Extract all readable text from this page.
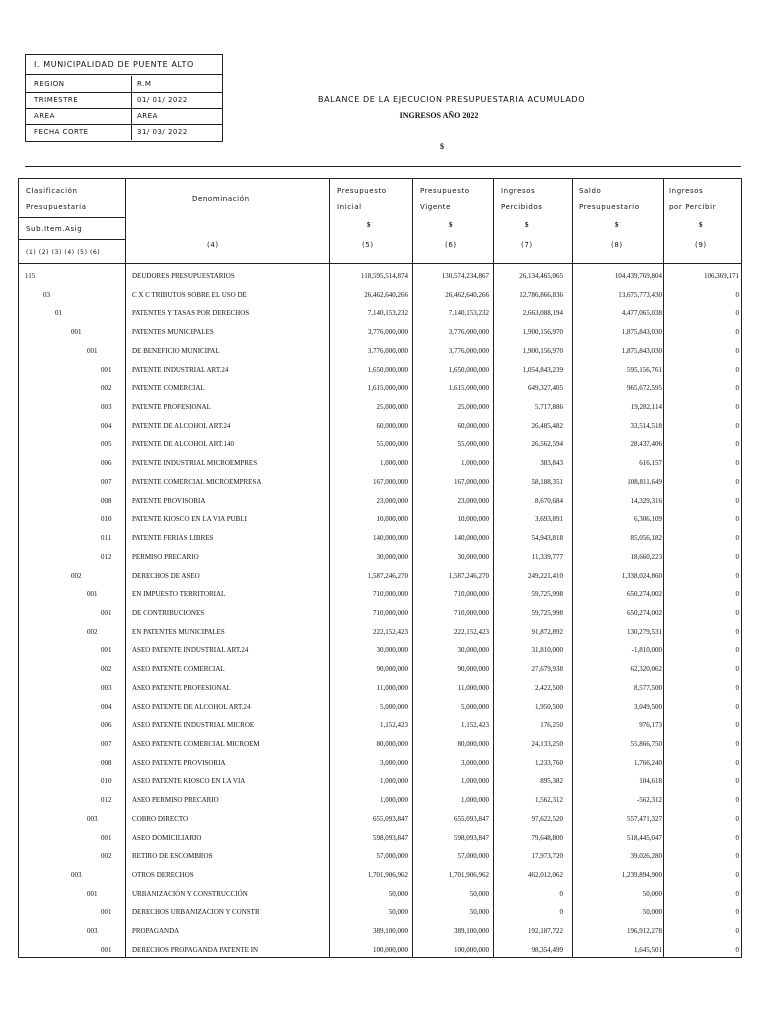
I. MUNICIPALIDAD DE PUENTE ALTO
REGION	R.M
TRIMESTRE	01/ 01/ 2022
AREA	AREA
FECHA CORTE	31/ 03/ 2022
BALANCE DE LA EJECUCION PRESUPUESTARIA ACUMULADO
INGRESOS AÑO 2022
$
Clasificación
Presupuestaria
Sub.Item.Asig
(1) (2) (3) (4) (5) (6)
Denominación
(4)
Presupuesto
Inicial
$
(5)
Presupuesto
Vigente
$
(6)
Ingresos
Percibidos
$
(7)
Saldo
Presupuestario
$
(8)
Ingresos
por Percibir
$
(9)
115	DEUDORES PRESUPUESTARIOS	118,595,514,874	130,574,234,867	26,134,465,065	104,439,769,804	106,369,171
03	C X C TRIBUTOS SOBRE EL USO DE	26,462,640,266	26,462,640,266	12,786,866,836	13,675,773,430	0
01	PATENTES Y TASAS POR DERECHOS	7,140,153,232	7,140,153,232	2,663,088,194	4,477,065,038	0
001	PATENTES MUNICIPALES	3,776,000,000	3,776,000,000	1,900,156,970	1,875,843,030	0
001	DE BENEFICIO MUNICIPAL	3,776,000,000	3,776,000,000	1,900,156,970	1,875,843,030	0
001	PATENTE INDUSTRIAL ART.24	1,650,000,000	1,650,000,000	1,054,843,239	595,156,761	0
002	PATENTE COMERCIAL	1,615,000,000	1,615,000,000	649,327,405	965,672,595	0
003	PATENTE PROFESIONAL	25,000,000	25,000,000	5,717,886	19,282,114	0
004	PATENTE DE ALCOHOL ART.24	60,000,000	60,000,000	26,485,482	33,514,518	0
005	PATENTE DE ALCOHOL ART.140	55,000,000	55,000,000	26,562,594	28,437,406	0
006	PATENTE INDUSTRIAL MICROEMPRES	1,000,000	1,000,000	383,843	616,157	0
007	PATENTE COMERCIAL MICROEMPRESA	167,000,000	167,000,000	58,188,351	108,811,649	0
008	PATENTE PROVISORIA	23,000,000	23,000,000	8,670,684	14,329,316	0
010	PATENTE KIOSCO EN LA VIA PUBLI	10,000,000	10,000,000	3,693,891	6,306,109	0
011	PATENTE FERIAS LIBRES	140,000,000	140,000,000	54,943,818	85,056,182	0
012	PERMISO PRECARIO	30,000,000	30,000,000	11,339,777	18,660,223	0
002	DERECHOS DE ASEO	1,587,246,270	1,587,246,270	249,221,410	1,338,024,860	0
001	EN IMPUESTO TERRITORIAL	710,000,000	710,000,000	59,725,998	650,274,002	0
001	DE CONTRIBUCIONES	710,000,000	710,000,000	59,725,998	650,274,002	0
002	EN PATENTES MUNICIPALES	222,152,423	222,152,423	91,872,892	130,279,531	0
001	ASEO PATENTE INDUSTRIAL ART.24	30,000,000	30,000,000	31,810,000	-1,810,000	0
002	ASEO PATENTE COMERCIAL	90,000,000	90,000,000	27,679,938	62,320,062	0
003	ASEO PATENTE PROFESIONAL	11,000,000	11,000,000	2,422,500	8,577,500	0
004	ASEO PATENTE DE ALCOHOL ART.24	5,000,000	5,000,000	1,950,500	3,049,500	0
006	ASEO PATENTE INDUSTRIAL MICROE	1,152,423	1,152,423	176,250	976,173	0
007	ASEO PATENTE COMERCIAL MICROEM	80,000,000	80,000,000	24,133,250	55,866,750	0
008	ASEO PATENTE PROVISORIA	3,000,000	3,000,000	1,233,760	1,766,240	0
010	ASEO PATENTE KIOSCO EN LA VIA	1,000,000	1,000,000	895,382	104,618	0
012	ASEO PERMISO PRECARIO	1,000,000	1,000,000	1,562,312	-562,312	0
003	COBRO DIRECTO	655,093,847	655,093,847	97,622,520	557,471,327	0
001	ASEO DOMICILIARIO	598,093,847	598,093,847	79,648,800	518,445,047	0
002	RETIRO DE ESCOMBROS	57,000,000	57,000,000	17,973,720	39,026,280	0
003	OTROS DERECHOS	1,701,906,962	1,701,906,962	462,012,062	1,239,894,900	0
001	URBANIZACIÓN Y CONSTRUCCIÓN	50,000	50,000	0	50,000	0
001	DERECHOS URBANIZACION Y CONSTR	50,000	50,000	0	50,000	0
003	PROPAGANDA	389,100,000	389,100,000	192,187,722	196,912,278	0
001	DERECHOS PROPAGANDA PATENTE IN	100,000,000	100,000,000	98,354,499	1,645,501	0
